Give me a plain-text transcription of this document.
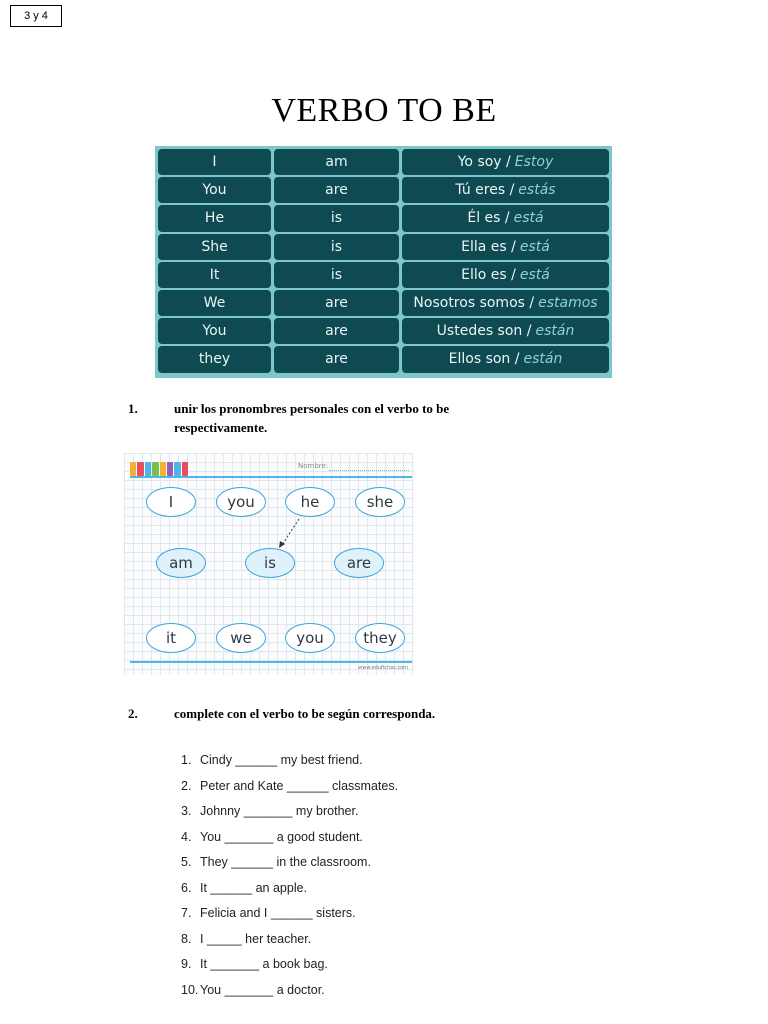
3 y 4
VERBO TO BE
I	am	Yo soy / Estoy
You	are	Tú eres / estás
He	is	Él es / está
She	is	Ella es / está
It	is	Ello es / está
We	are	Nosotros somos / estamos
You	are	Ustedes son / están
they	are	Ellos son / están
1.	unir los pronombres personales con el verbo to be respectivamente.
Nombre:
I	you	he	she
am	is	are
it	we	you	they
www.edufichas.com
2.	complete con el verbo to be según corresponda.
1. Cindy ______ my best friend.
2. Peter and Kate ______ classmates.
3. Johnny _______ my brother.
4. You _______ a good student.
5. They ______ in the classroom.
6. It ______ an apple.
7. Felicia and I ______ sisters.
8. I _____ her teacher.
9. It _______ a book bag.
10. You _______ a doctor.
